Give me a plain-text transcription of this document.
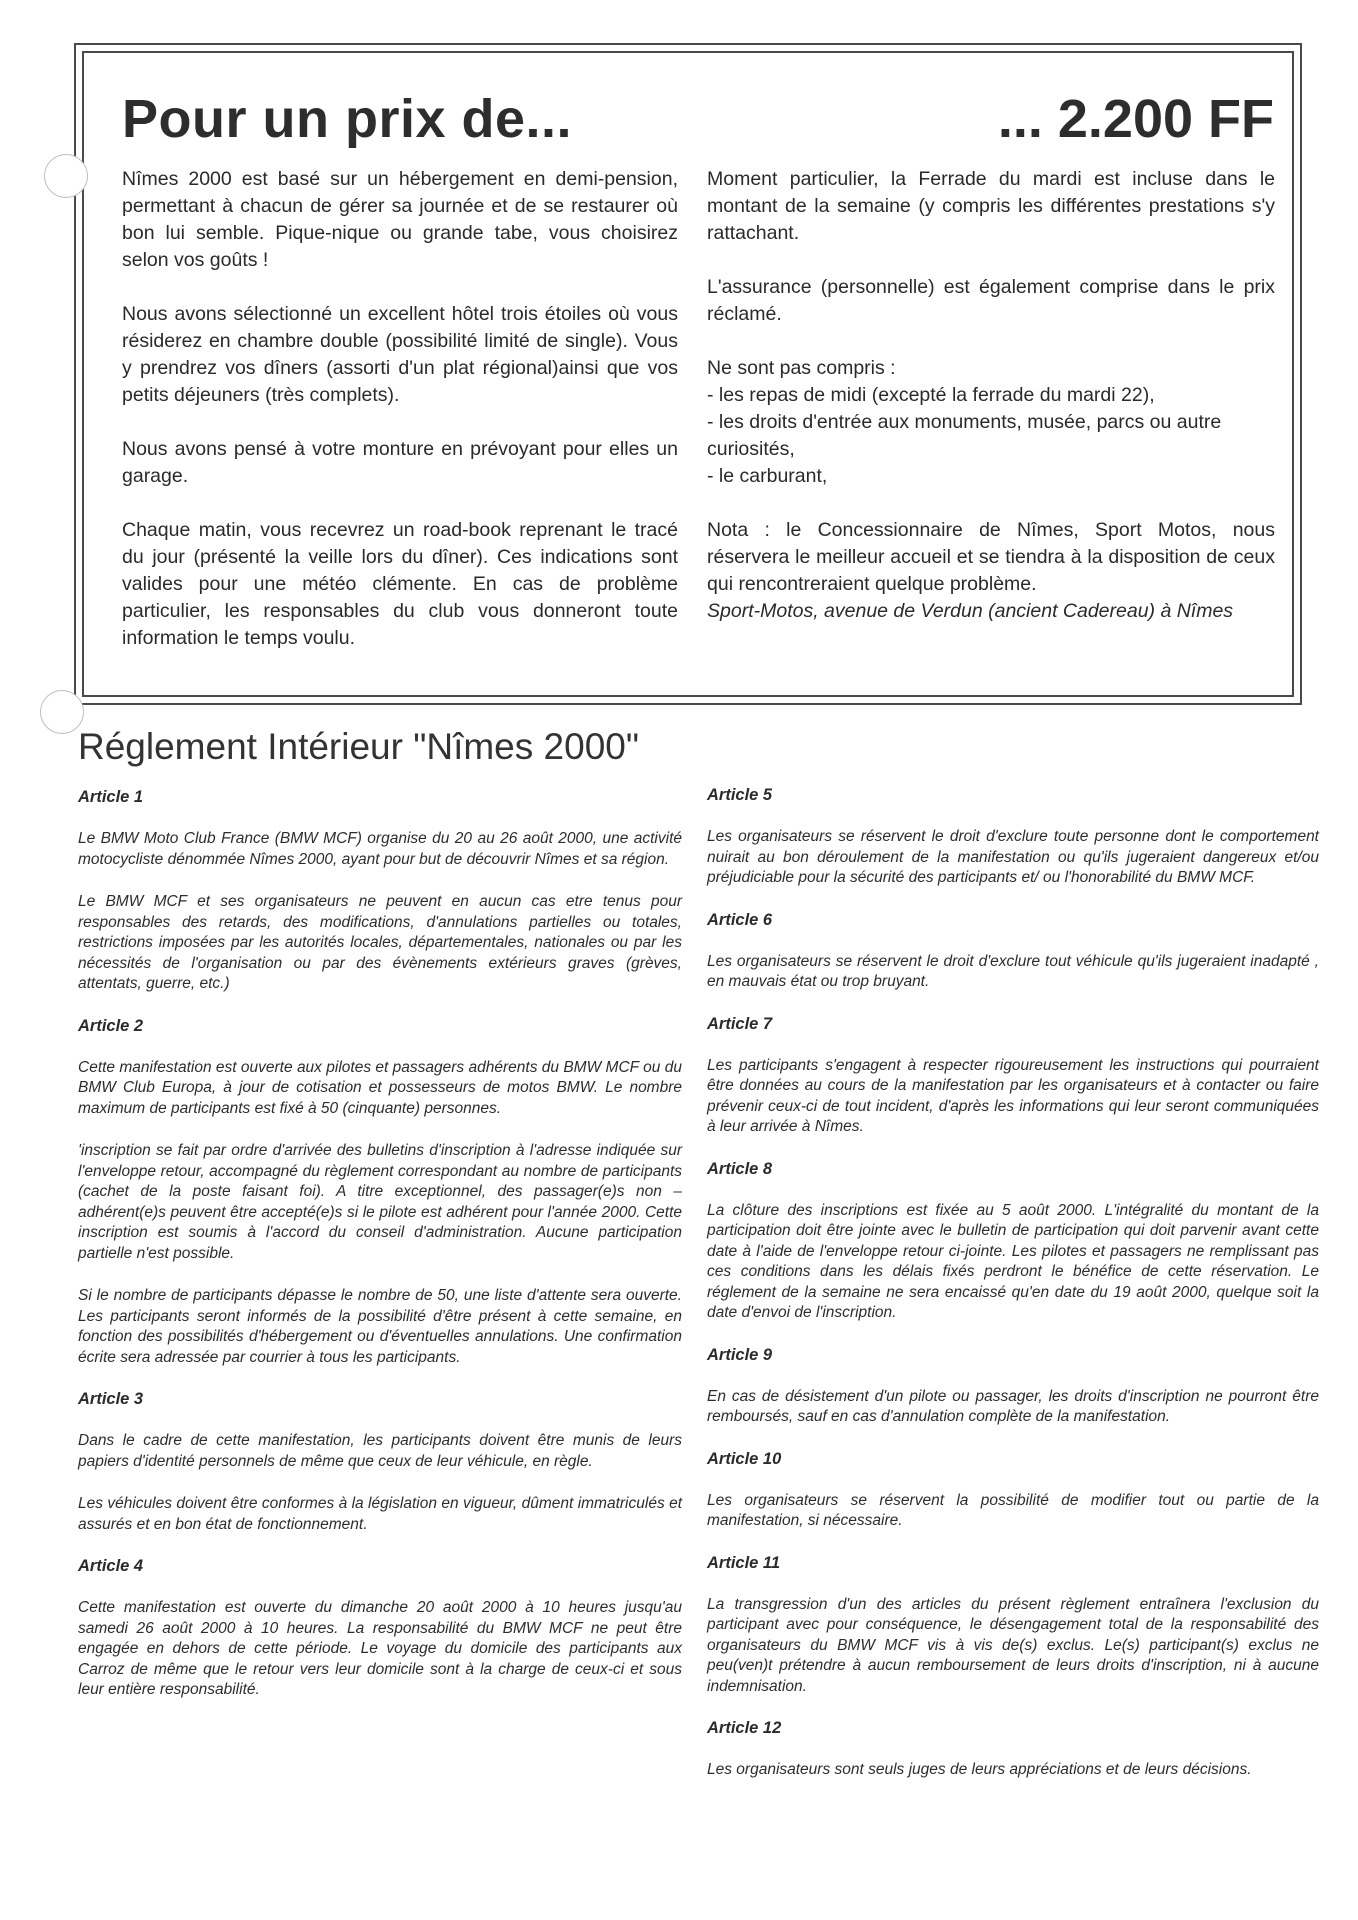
Pour un prix de...	... 2.200 FF

Nîmes 2000 est basé sur un hébergement en demi-pension, permettant à chacun de gérer sa journée et de se restaurer où bon lui semble. Pique-nique ou grande tabe, vous choisirez selon vos goûts !

Nous avons sélectionné un excellent hôtel trois étoiles où vous résiderez en chambre double (possibilité limité de single). Vous y prendrez vos dîners (assorti d'un plat régional)ainsi que vos petits déjeuners (très complets).

Nous avons pensé à votre monture en prévoyant pour elles un garage.

Chaque matin, vous recevrez un road-book reprenant le tracé du jour (présenté la veille lors du dîner). Ces indications sont valides pour une météo clémente. En cas de problème particulier, les responsables du club vous donneront toute information le temps voulu.

Moment particulier, la Ferrade du mardi est incluse dans le montant de la semaine (y compris les différentes prestations s'y rattachant.

L'assurance (personnelle) est également comprise dans le prix réclamé.

Ne sont pas compris :
- les repas de midi (excepté la ferrade du mardi 22),
- les droits d'entrée aux monuments, musée, parcs ou autre curiosités,
- le carburant,
Nota : le Concessionnaire de Nîmes, Sport Motos, nous réservera le meilleur accueil et se tiendra à la disposition de ceux qui rencontreraient quelque problème.
Sport-Motos, avenue de Verdun (ancient Cadereau) à Nîmes
Réglement Intérieur "Nîmes 2000"
Article 1

Le BMW Moto Club France (BMW MCF) organise du 20 au 26 août 2000, une activité motocycliste dénommée Nîmes 2000, ayant pour but de découvrir Nîmes et sa région.

Le BMW MCF et ses organisateurs ne peuvent en aucun cas etre tenus pour responsables des retards, des modifications, d'annulations partielles ou totales, restrictions imposées par les autorités locales, départementales, nationales ou par les nécessités de l'organisation ou par des évènements extérieurs graves (grèves, attentats, guerre, etc.)

Article 2

Cette manifestation est ouverte aux pilotes et passagers adhérents du BMW MCF ou du BMW Club Europa, à jour de cotisation et possesseurs de motos BMW. Le nombre maximum de participants est fixé à 50 (cinquante) personnes.

'inscription se fait par ordre d'arrivée des bulletins d'inscription à l'adresse indiquée sur l'enveloppe retour, accompagné du règlement correspondant au nombre de participants (cachet de la poste faisant foi). A titre exceptionnel, des passager(e)s non –adhérent(e)s peuvent être accepté(e)s si le pilote est adhérent pour l'année 2000. Cette inscription est soumis à l'accord du conseil d'administration. Aucune participation partielle n'est possible.

Si le nombre de participants dépasse le nombre de 50, une liste d'attente sera ouverte. Les participants seront informés de la possibilité d'être présent à cette semaine, en fonction des possibilités d'hébergement ou d'éventuelles annulations. Une confirmation écrite sera adressée par courrier à tous les participants.

Article 3

Dans le cadre de cette manifestation, les participants doivent être munis de leurs papiers d'identité personnels de même que ceux de leur véhicule, en règle.

Les véhicules doivent être conformes à la législation en vigueur, dûment immatriculés et assurés et en bon état de fonctionnement.

Article 4

Cette manifestation est ouverte du dimanche 20 août 2000 à 10 heures jusqu'au samedi 26 août 2000 à 10 heures. La responsabilité du BMW MCF ne peut être engagée en dehors de cette période. Le voyage du domicile des participants aux Carroz de même que le retour vers leur domicile sont à la charge de ceux-ci et sous leur entière responsabilité.

Article 5

Les organisateurs se réservent le droit d'exclure toute personne dont le comportement nuirait au bon déroulement de la manifestation ou qu'ils jugeraient dangereux et/ou préjudiciable pour la sécurité des participants et/ ou l'honorabilité du BMW MCF.

Article 6

Les organisateurs se réservent le droit d'exclure tout véhicule qu'ils jugeraient inadapté , en mauvais état ou trop bruyant.

Article 7

Les participants s'engagent à respecter rigoureusement les instructions qui pourraient être données au cours de la manifestation par les organisateurs et à contacter ou faire prévenir ceux-ci de tout incident, d'après les informations qui leur seront communiquées à leur arrivée à Nîmes.

Article 8

La clôture des inscriptions est fixée au 5 août 2000. L'intégralité du montant de la participation doit être jointe avec le bulletin de participation qui doit parvenir avant cette date à l'aide de l'enveloppe retour ci-jointe. Les pilotes et passagers ne remplissant pas ces conditions dans les délais fixés perdront le bénéfice de cette réservation. Le réglement de la semaine ne sera encaissé qu'en date du 19 août 2000, quelque soit la date d'envoi de l'inscription.

Article 9

En cas de désistement d'un pilote ou passager, les droits d'inscription ne pourront être remboursés, sauf en cas d'annulation complète de la manifestation.

Article 10

Les organisateurs se réservent la possibilité de modifier tout ou partie de la manifestation, si nécessaire.

Article 11

La transgression d'un des articles du présent règlement entraînera l'exclusion du participant avec pour conséquence, le désengagement total de la responsabilité des organisateurs du BMW MCF vis à vis de(s) exclus. Le(s) participant(s) exclus ne peu(ven)t prétendre à aucun remboursement de leurs droits d'inscription, ni à aucune indemnisation.

Article 12

Les organisateurs sont seuls juges de leurs appréciations et de leurs décisions.
